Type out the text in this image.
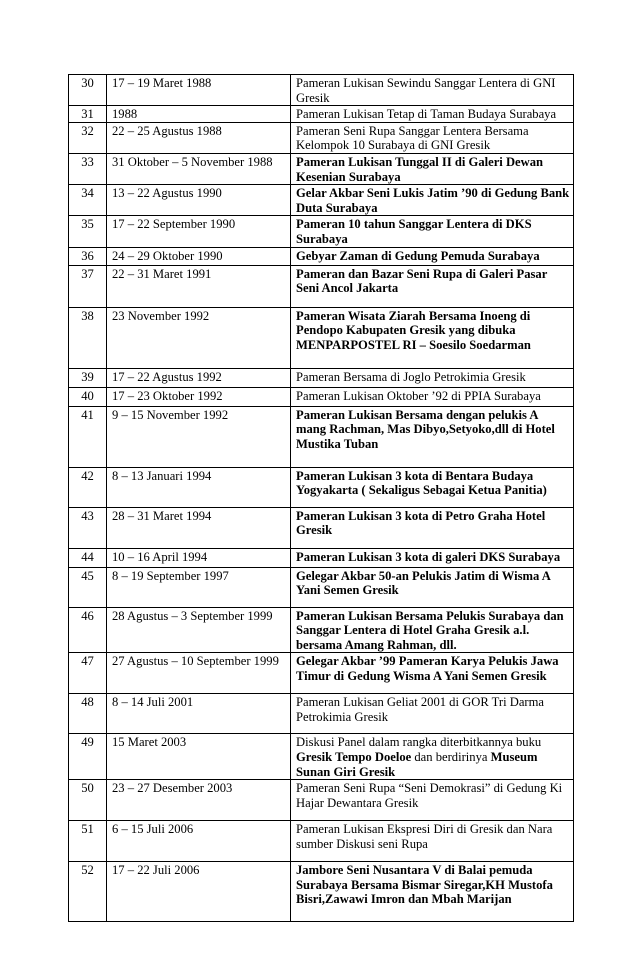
30	17 – 19 Maret 1988	Pameran Lukisan Sewindu Sanggar Lentera di GNI Gresik
31	1988	Pameran Lukisan Tetap di Taman Budaya Surabaya
32	22 – 25 Agustus 1988	Pameran Seni Rupa Sanggar Lentera Bersama Kelompok 10 Surabaya di GNI Gresik
33	31 Oktober – 5 November 1988	Pameran Lukisan Tunggal II di Galeri Dewan Kesenian Surabaya
34	13 – 22 Agustus 1990	Gelar Akbar Seni Lukis Jatim ’90 di Gedung Bank Duta Surabaya
35	17 – 22 September 1990	Pameran 10 tahun Sanggar Lentera di DKS Surabaya
36	24 – 29 Oktober 1990	Gebyar Zaman di Gedung Pemuda Surabaya
37	22 – 31 Maret 1991	Pameran dan Bazar Seni Rupa di Galeri Pasar Seni Ancol Jakarta
38	23 November 1992	Pameran Wisata Ziarah Bersama Inoeng di Pendopo Kabupaten Gresik yang dibuka MENPARPOSTEL RI – Soesilo Soedarman
39	17 – 22 Agustus 1992	Pameran Bersama di Joglo Petrokimia Gresik
40	17 – 23 Oktober 1992	Pameran Lukisan Oktober ’92 di PPIA Surabaya
41	9 – 15 November 1992	Pameran Lukisan Bersama dengan pelukis A mang Rachman, Mas Dibyo,Setyoko,dll di Hotel Mustika Tuban
42	8 – 13 Januari 1994	Pameran Lukisan 3 kota di Bentara Budaya Yogyakarta ( Sekaligus Sebagai Ketua Panitia)
43	28 – 31 Maret 1994	Pameran Lukisan 3 kota di Petro Graha Hotel Gresik
44	10 – 16 April 1994	Pameran Lukisan 3 kota di galeri DKS Surabaya
45	8 – 19 September 1997	Gelegar Akbar 50-an Pelukis Jatim di Wisma A Yani Semen Gresik
46	28 Agustus – 3 September 1999	Pameran Lukisan Bersama Pelukis Surabaya dan Sanggar Lentera di Hotel Graha Gresik a.l. bersama Amang Rahman, dll.
47	27 Agustus – 10 September 1999	Gelegar Akbar ’99 Pameran Karya Pelukis Jawa Timur di Gedung Wisma A Yani Semen Gresik
48	8 – 14 Juli 2001	Pameran Lukisan Geliat 2001 di GOR Tri Darma Petrokimia Gresik
49	15 Maret 2003	Diskusi Panel dalam rangka diterbitkannya buku Gresik Tempo Doeloe dan berdirinya Museum Sunan Giri Gresik
50	23 – 27 Desember 2003	Pameran Seni Rupa “Seni Demokrasi” di Gedung Ki Hajar Dewantara Gresik
51	6 – 15 Juli 2006	Pameran Lukisan Ekspresi Diri di Gresik dan Nara sumber Diskusi seni Rupa
52	17 – 22 Juli 2006	Jambore Seni Nusantara V di Balai pemuda Surabaya Bersama Bismar Siregar,KH Mustofa Bisri,Zawawi Imron dan Mbah Marijan
